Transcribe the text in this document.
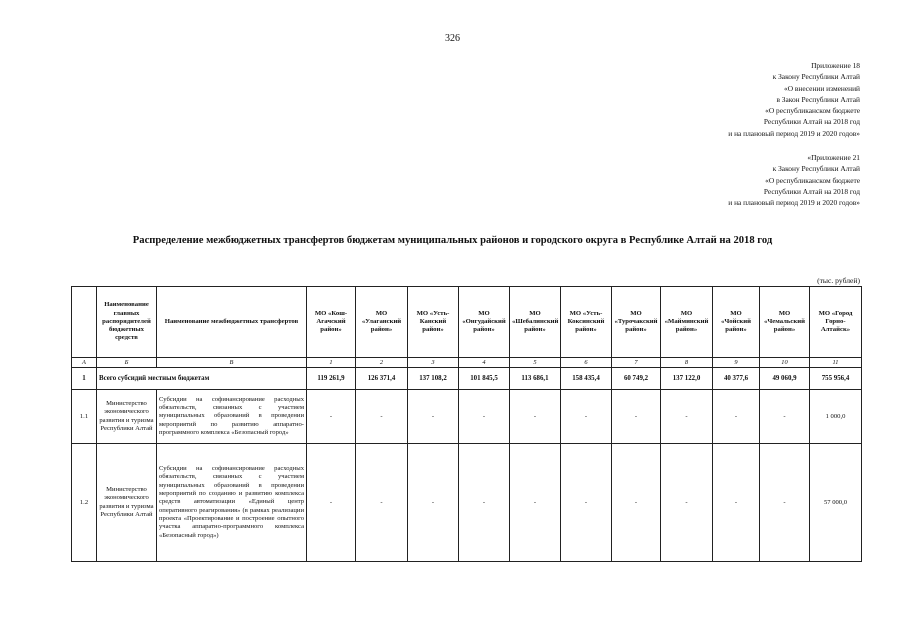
326
Приложение 18
к Закону Республики Алтай
«О внесении изменений
в Закон Республики Алтай
«О республиканском бюджете
Республики Алтай на 2018 год
и на плановый период 2019 и 2020 годов»
«Приложение 21
к Закону Республики Алтай
«О республиканском бюджете
Республики Алтай на 2018 год
и на плановый период 2019 и 2020 годов»
Распределение межбюджетных трансфертов бюджетам муниципальных районов и городского округа в Республике Алтай на 2018 год
(тыс. рублей)
	Наименование главных распорядителей бюджетных средств	Наименование межбюджетных трансфертов	МО «Кош-Агачский район»	МО «Улаганский район»	МО «Усть-Канский район»	МО «Онгудайский район»	МО «Шебалинский район»	МО «Усть-Коксинский район»	МО «Турочакский район»	МО «Майминский район»	МО «Чойский район»	МО «Чемальский район»	МО «Город Горно-Алтайск»
А	Б	В	1	2	3	4	5	6	7	8	9	10	11
1	Всего субсидий местным бюджетам		119 261,9	126 371,4	137 108,2	101 845,5	113 686,1	158 435,4	60 749,2	137 122,0	40 377,6	49 060,9	755 956,4
1.1	Министерство экономического развития и туризма Республики Алтай	Субсидии на софинансирование расходных обязательств, связанных с участием муниципальных образований в проведении мероприятий по развитию аппаратно-программного комплекса «Безопасный город»	-	-	-	-	-	-	-	-	-	-	1 000,0
1.2	Министерство экономического развития и туризма Республики Алтай	Субсидии на софинансирование расходных обязательств, связанных с участием муниципальных образований в проведении мероприятий по созданию и развитию комплекса средств автоматизации «Единый центр оперативного реагирования» (в рамках реализации проекта «Проектирование и построение опытного участка аппаратно-программного комплекса «Безопасный город»)	-	-	-	-	-	-	-	-	-	-	57 000,0
